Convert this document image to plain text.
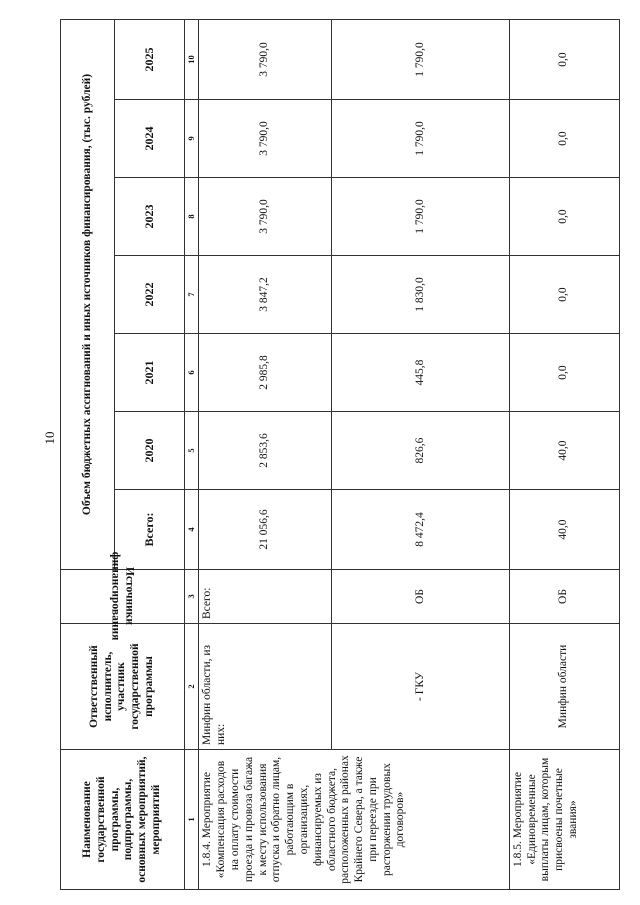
10
Наименование государственной программы, подпрограммы, основных мероприятий, мероприятий	Ответственный исполнитель, участник государственной программы	Источники финансирования	Объем бюджетных ассигнований и иных источников финансирования, (тыс. рублей)						
			Всего:	2020	2021	2022	2023	2024	2025
1	2	3	4	5	6	7	8	9	10
1.8.4. Мероприятие «Компенсация расходов на оплату стоимости проезда и провоза багажа к месту использования отпуска и обратно лицам, работающим в организациях, финансируемых из областного бюджета, расположенных в районах Крайнего Севера, а также при переезде при расторжении трудовых договоров»	Минфин области, из них:	Всего:	21 056,6	2 853,6	2 985,8	3 847,2	3 790,0	3 790,0	3 790,0
	- ГКУ	ОБ	8 472,4	826,6	445,8	1 830,0	1 790,0	1 790,0	1 790,0
1.8.5. Мероприятие «Единовременные выплаты лицам, которым присвоены почетные звания»	Минфин области	ОБ	40,0	40,0	0,0	0,0	0,0	0,0	0,0
